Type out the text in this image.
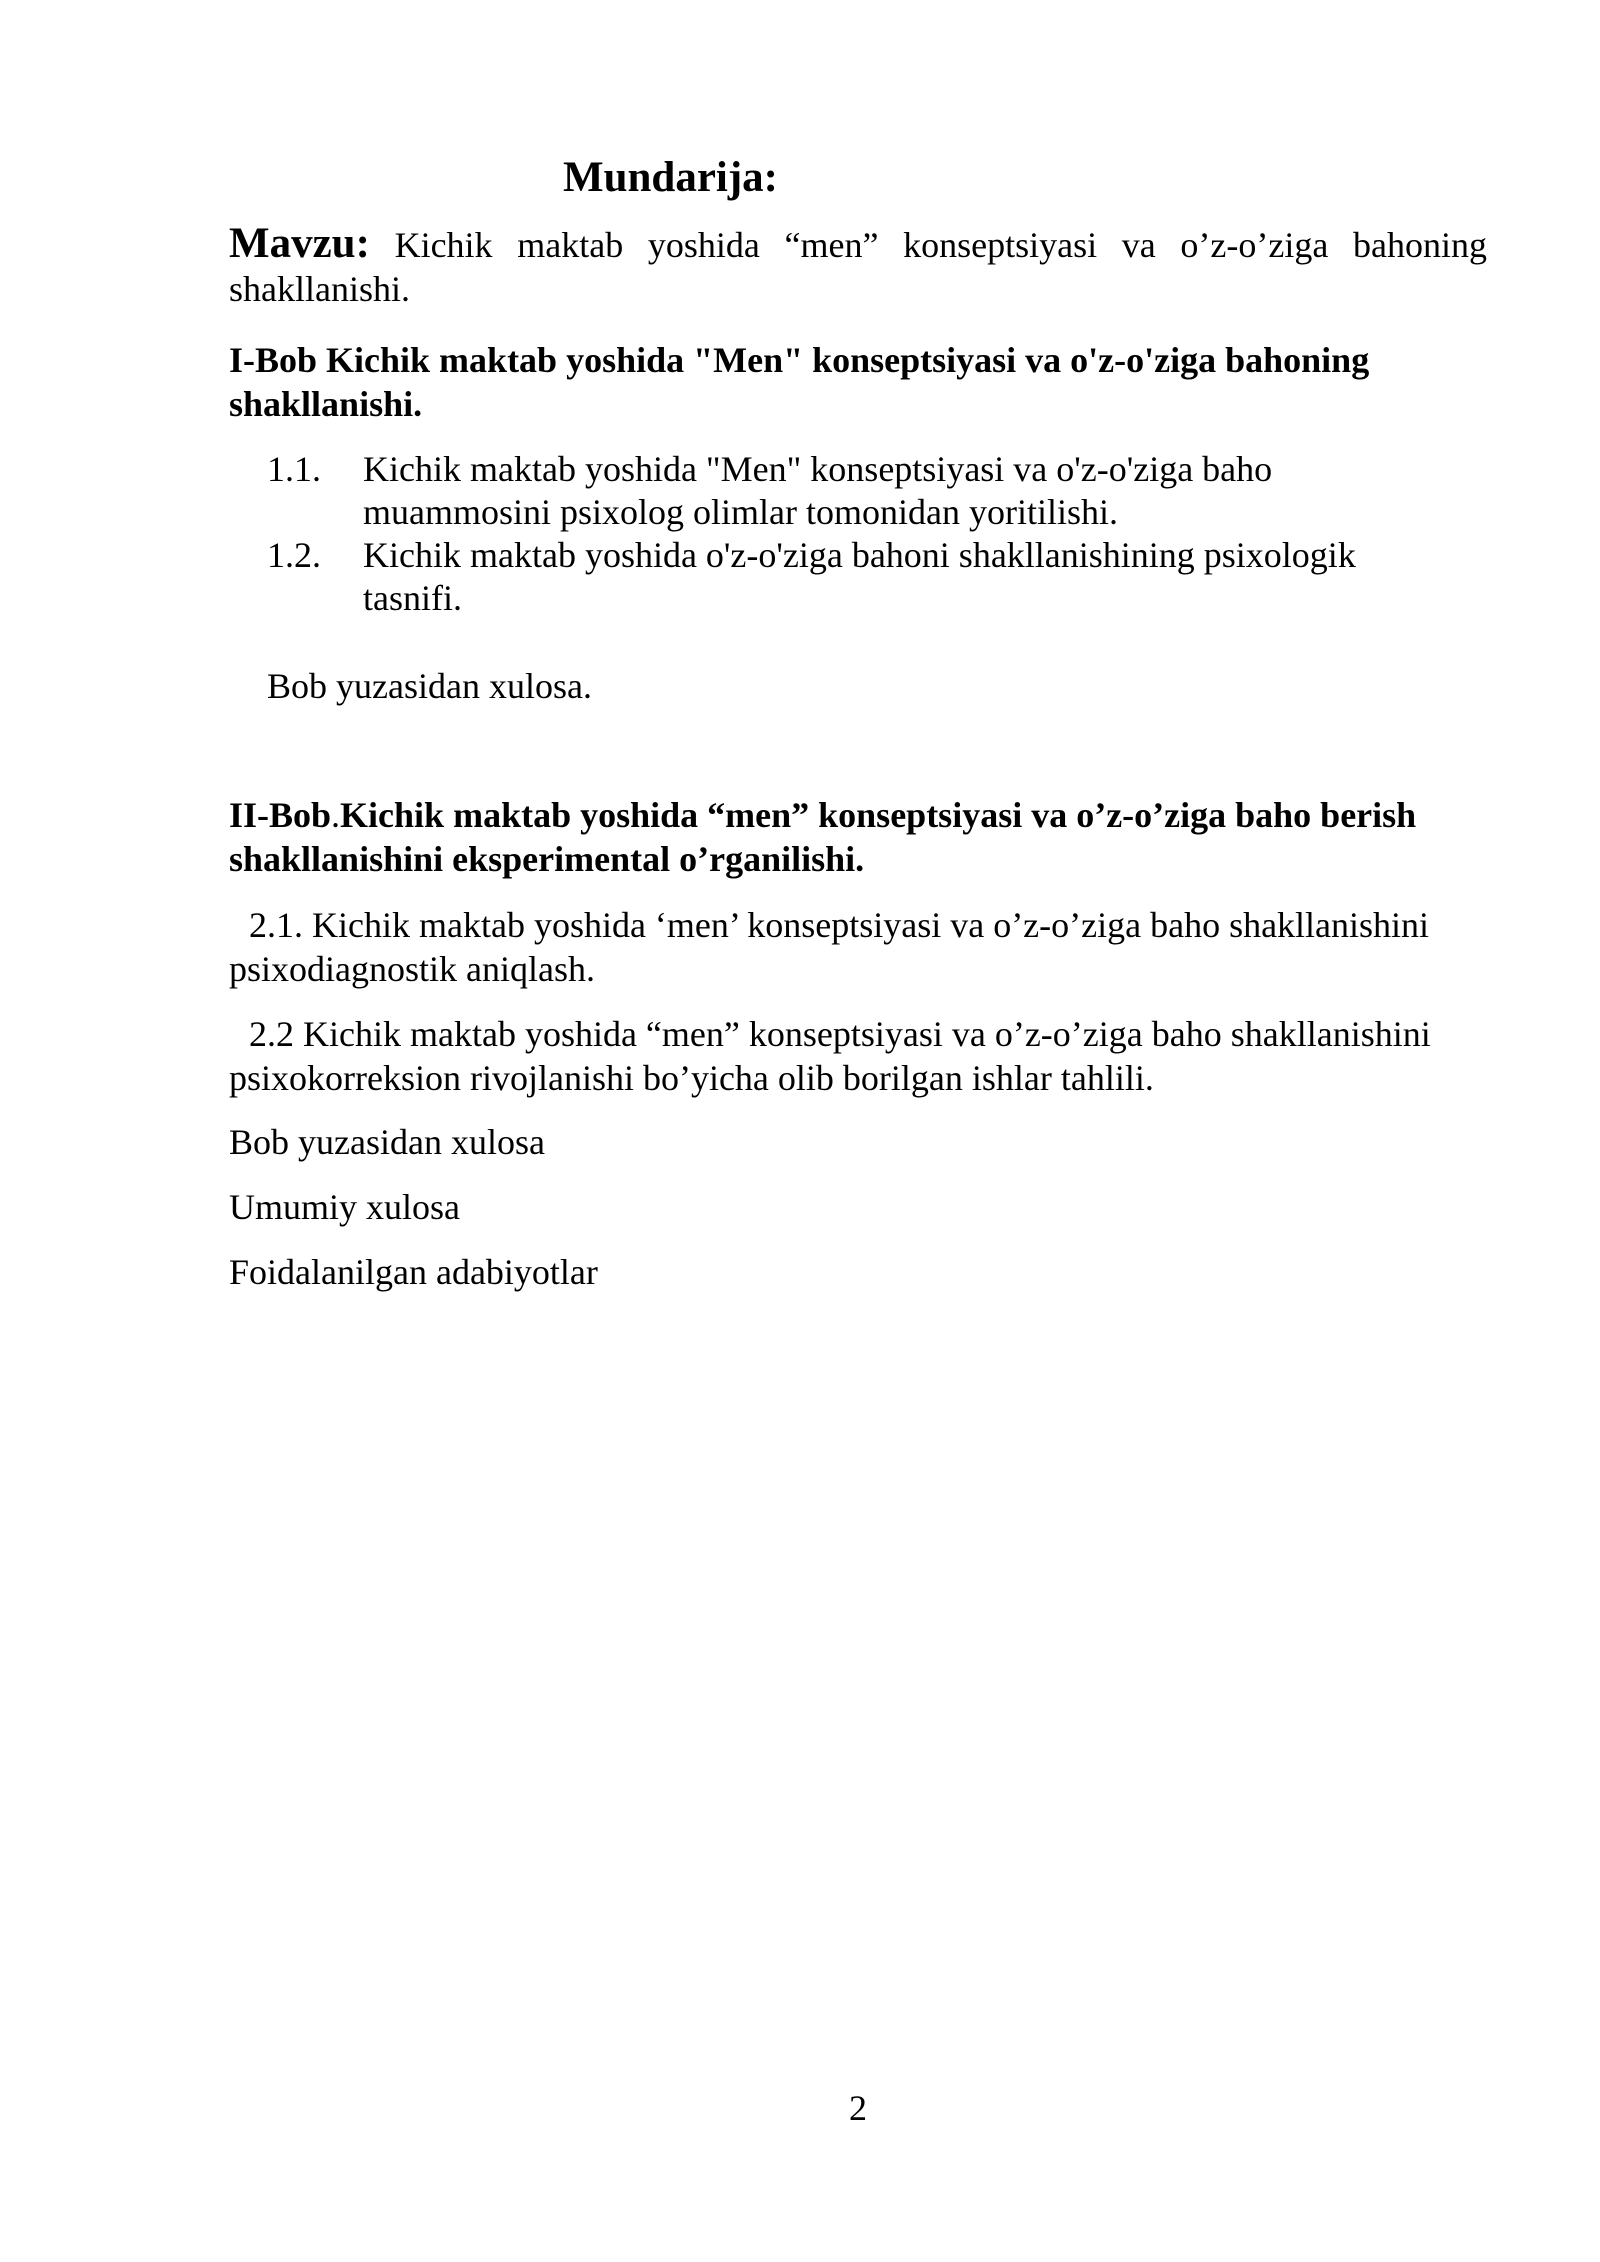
Mundarija:
Mavzu: Kichik maktab yoshida “men” konseptsiyasi va o’z-o’ziga bahoning shakllanishi.
I-Bob Kichik maktab yoshida "Men" konseptsiyasi va o'z-o'ziga bahoning shakllanishi.
1.1. Kichik maktab yoshida "Men" konseptsiyasi va o'z-o'ziga baho muammosini psixolog olimlar tomonidan yoritilishi.
1.2. Kichik maktab yoshida o'z-o'ziga bahoni shakllanishining psixologik tasnifi.
Bob yuzasidan xulosa.
II-Bob.Kichik maktab yoshida “men” konseptsiyasi va o’z-o’ziga baho berish shakllanishini eksperimental o’rganilishi.
2.1. Kichik maktab yoshida ‘men’ konseptsiyasi va o’z-o’ziga baho shakllanishini psixodiagnostik aniqlash.
2.2 Kichik maktab yoshida “men” konseptsiyasi va o’z-o’ziga baho shakllanishini psixokorreksion rivojlanishi bo’yicha olib borilgan ishlar tahlili.
Bob yuzasidan xulosa
Umumiy xulosa
Foidalanilgan adabiyotlar
2
